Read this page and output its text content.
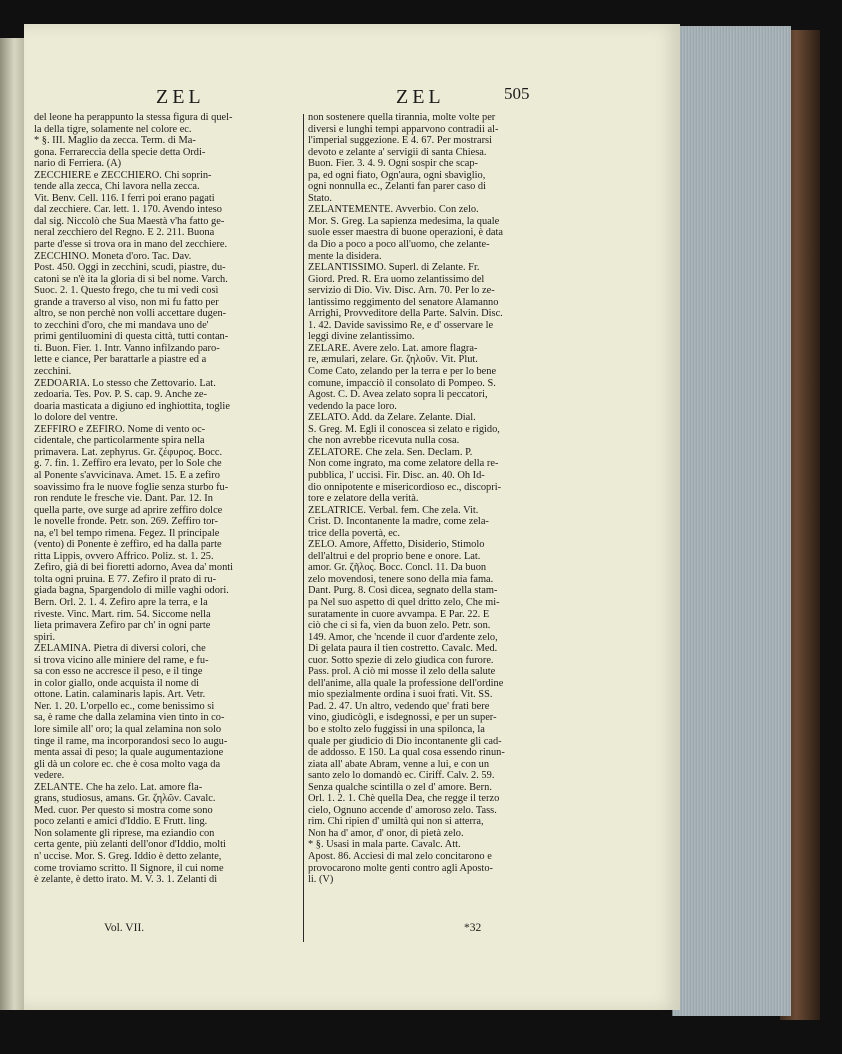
ZEL	ZEL	505

del leone ha perappunto la stessa figura di quel-

la della tigre, solamente nel colore ec.

* §. III. Maglio da zecca. Term. di Ma-

gona. Ferrareccia della specie detta Ordi-

nario di Ferriera. (A)

ZECCHIERE e ZECCHIERO. Chi soprin-

tende alla zecca, Chi lavora nella zecca.

Vit. Benv. Cell. 116. I ferri poi erano pagati

dal zecchiere. Car. lett. 1. 170. Avendo inteso

dal sig. Niccolò che Sua Maestà v'ha fatto ge-

neral zecchiero del Regno. E 2. 211. Buona

parte d'esse si trova ora in mano del zecchiere.

ZECCHINO. Moneta d'oro. Tac. Dav.

Post. 450. Oggi in zecchini, scudi, piastre, du-

catoni se n'è ita la gloria di sì bel nome. Varch.

Suoc. 2. 1. Questo frego, che tu mi vedi così

grande a traverso al viso, non mi fu fatto per

altro, se non perchè non volli accettare dugen-

to zecchini d'oro, che mi mandava uno de'

primi gentiluomini di questa città, tutti contan-

ti. Buon. Fier. 1. Intr. Vanno infilzando paro-

lette e ciance, Per barattarle a piastre ed a

zecchini.

ZEDOARIA. Lo stesso che Zettovario. Lat.

zedoaria. Tes. Pov. P. S. cap. 9. Anche ze-

doaria masticata a digiuno ed inghiottita, toglie

lo dolore del ventre.

ZEFFIRO e ZEFIRO. Nome di vento oc-

cidentale, che particolarmente spira nella

primavera. Lat. zephyrus. Gr. ζέφυρος. Bocc.

g. 7. fin. 1. Zeffiro era levato, per lo Sole che

al Ponente s'avvicinava. Amet. 15. E a zefiro

soavissimo fra le nuove foglie senza sturbo fu-

ron rendute le fresche vie. Dant. Par. 12. In

quella parte, ove surge ad aprire zeffiro dolce

le novelle fronde. Petr. son. 269. Zeffiro tor-

na, e'l bel tempo rimena. Fegez. Il principale

(vento) di Ponente è zeffiro, ed ha dalla parte

ritta Lippis, ovvero Affrico. Poliz. st. 1. 25.

Zefiro, già di bei fioretti adorno, Avea da' monti

tolta ogni pruina. E 77. Zefiro il prato di ru-

giada bagna, Spargendolo di mille vaghi odori.

Bern. Orl. 2. 1. 4. Zefiro apre la terra, e la

riveste. Vinc. Mart. rim. 54. Siccome nella

lieta primavera Zefiro par ch' in ogni parte

spiri.

ZELAMINA. Pietra di diversi colori, che

si trova vicino alle miniere del rame, e fu-

sa con esso ne accresce il peso, e il tinge

in color giallo, onde acquista il nome di

ottone. Latin. calaminaris lapis. Art. Vetr.

Ner. 1. 20. L'orpello ec., come benissimo si

sa, è rame che dalla zelamina vien tinto in co-

lore simile all' oro; la qual zelamina non solo

tinge il rame, ma incorporandosi seco lo augu-

menta assai di peso; la quale augumentazione

gli dà un colore ec. che è cosa molto vaga da

vedere.

ZELANTE. Che ha zelo. Lat. amore fla-

grans, studiosus, amans. Gr. ζηλῶν. Cavalc.

Med. cuor. Per questo si mostra come sono

poco zelanti e amici d'Iddio. E Frutt. ling.

Non solamente gli riprese, ma eziandio con

certa gente, più zelanti dell'onor d'Iddio, molti

n' uccise. Mor. S. Greg. Iddio è detto zelante,

come troviamo scritto. Il Signore, il cui nome

è zelante, è detto irato. M. V. 3. 1. Zelanti di

non sostenere quella tirannia, molte volte per

diversi e lunghi tempi apparvono contradii al-

l'imperial suggezione. E 4. 67. Per mostrarsi

devoto e zelante a' servigii di santa Chiesa.

Buon. Fier. 3. 4. 9. Ogni sospir che scap-

pa, ed ogni fiato, Ogn'aura, ogni sbaviglio,

ogni nonnulla ec., Zelanti fan parer caso di

Stato.

ZELANTEMENTE. Avverbio. Con zelo.

Mor. S. Greg. La sapienza medesima, la quale

suole esser maestra di buone operazioni, è data

da Dio a poco a poco all'uomo, che zelante-

mente la disidera.

ZELANTISSIMO. Superl. di Zelante. Fr.

Giord. Pred. R. Era uomo zelantissimo del

servizio di Dio. Viv. Disc. Arn. 70. Per lo ze-

lantissimo reggimento del senatore Alamanno

Arrighi, Provveditore della Parte. Salvin. Disc.

1. 42. Davide savissimo Re, e d' osservare le

leggi divine zelantissimo.

ZELARE. Avere zelo. Lat. amore flagra-

re, æmulari, zelare. Gr. ζηλοῦν. Vit. Plut.

Come Cato, zelando per la terra e per lo bene

comune, impacciò il consolato di Pompeo. S.

Agost. C. D. Avea zelato sopra li peccatori,

vedendo la pace loro.

ZELATO. Add. da Zelare. Zelante. Dial.

S. Greg. M. Egli il conoscea sì zelato e rigido,

che non avrebbe ricevuta nulla cosa.

ZELATORE. Che zela. Sen. Declam. P.

Non come ingrato, ma come zelatore della re-

pubblica, l' uccisi. Fir. Disc. an. 40. Oh Id-

dio onnipotente e misericordioso ec., discopri-

tore e zelatore della verità.

ZELATRICE. Verbal. fem. Che zela. Vit.

Crist. D. Incontanente la madre, come zela-

trice della povertà, ec.

ZELO. Amore, Affetto, Disiderio, Stimolo

dell'altrui e del proprio bene e onore. Lat.

amor. Gr. ζῆλος. Bocc. Concl. 11. Da buon

zelo movendosi, tenere sono della mia fama.

Dant. Purg. 8. Così dicea, segnato della stam-

pa Nel suo aspetto di quel dritto zelo, Che mi-

suratamente in cuore avvampa. E Par. 22. E

ciò che ci si fa, vien da buon zelo. Petr. son.

149. Amor, che 'ncende il cuor d'ardente zelo,

Di gelata paura il tien costretto. Cavalc. Med.

cuor. Sotto spezie di zelo giudica con furore.

Pass. prol. A ciò mi mosse il zelo della salute

dell'anime, alla quale la professione dell'ordine

mio spezialmente ordina i suoi frati. Vit. SS.

Pad. 2. 47. Un altro, vedendo que' frati bere

vino, giudicògli, e isdegnossi, e per un super-

bo e stolto zelo fuggissi in una spilonca, la

quale per giudicio di Dio incontanente gli cad-

de addosso. E 150. La qual cosa essendo rinun-

ziata all' abate Abram, venne a lui, e con un

santo zelo lo domandò ec. Ciriff. Calv. 2. 59.

Senza qualche scintilla o zel d' amore. Bern.

Orl. 1. 2. 1. Chè quella Dea, che regge il terzo

cielo, Ognuno accende d' amoroso zelo. Tass.

rim. Chi ripien d' umiltà qui non si atterra,

Non ha d' amor, d' onor, di pietà zelo.

* §. Usasi in mala parte. Cavalc. Att.

Apost. 86. Acciesi di mal zelo concitarono e

provocarono molte genti contro agli Aposto-

li. (V)

Vol. VII.	*32
